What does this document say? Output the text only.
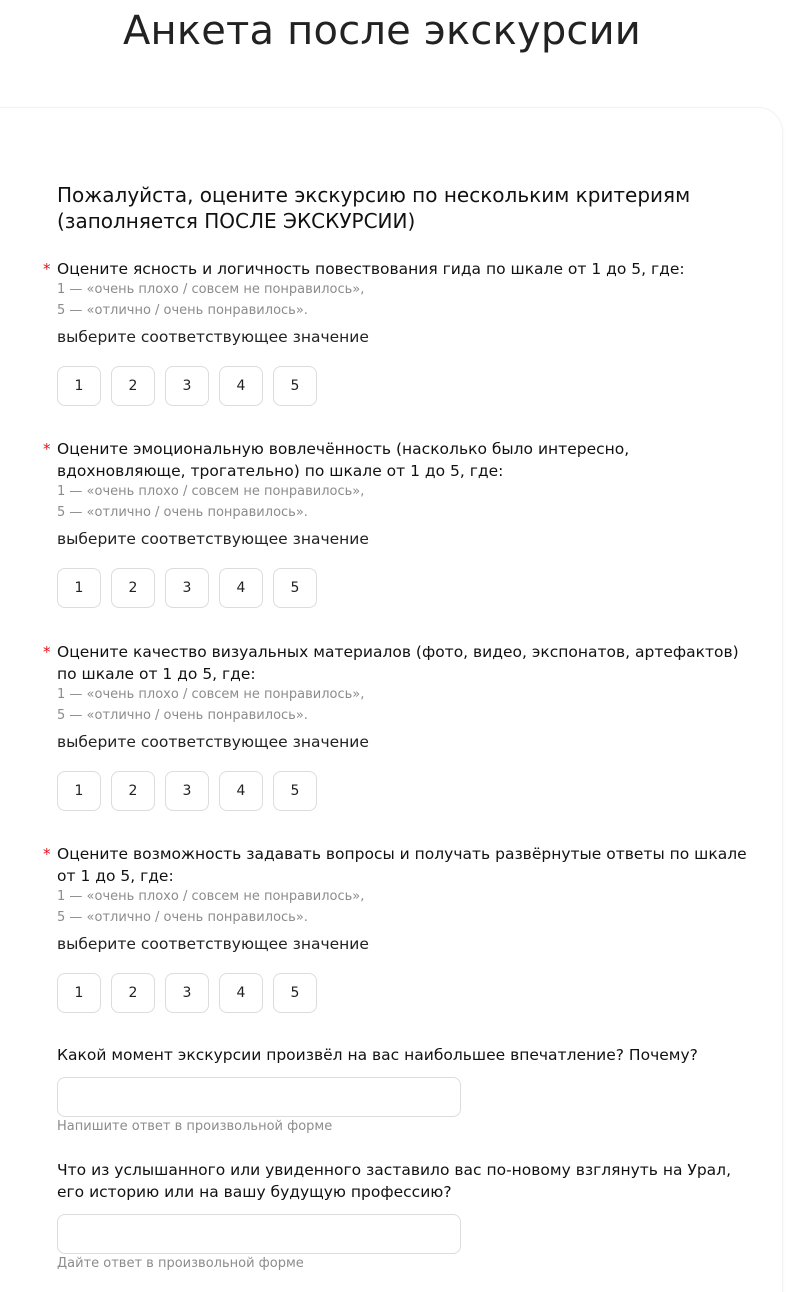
Анкета после экскурсии
Пожалуйста, оцените экскурсию по нескольким критериям (заполняется ПОСЛЕ ЭКСКУРСИИ)
* Оцените ясность и логичность повествования гида по шкале от 1 до 5, где:
1 — «очень плохо / совсем не понравилось»,
5 — «отлично / очень понравилось».
выберите соответствующее значение
1	2	3	4	5
* Оцените эмоциональную вовлечённость (насколько было интересно, вдохновляюще, трогательно) по шкале от 1 до 5, где:
1 — «очень плохо / совсем не понравилось»,
5 — «отлично / очень понравилось».
выберите соответствующее значение
1	2	3	4	5
* Оцените качество визуальных материалов (фото, видео, экспонатов, артефактов) по шкале от 1 до 5, где:
1 — «очень плохо / совсем не понравилось»,
5 — «отлично / очень понравилось».
выберите соответствующее значение
1	2	3	4	5
* Оцените возможность задавать вопросы и получать развёрнутые ответы по шкале от 1 до 5, где:
1 — «очень плохо / совсем не понравилось»,
5 — «отлично / очень понравилось».
выберите соответствующее значение
1	2	3	4	5
Какой момент экскурсии произвёл на вас наибольшее впечатление? Почему?
Напишите ответ в произвольной форме
Что из услышанного или увиденного заставило вас по-новому взглянуть на Урал, его историю или на вашу будущую профессию?
Дайте ответ в произвольной форме
